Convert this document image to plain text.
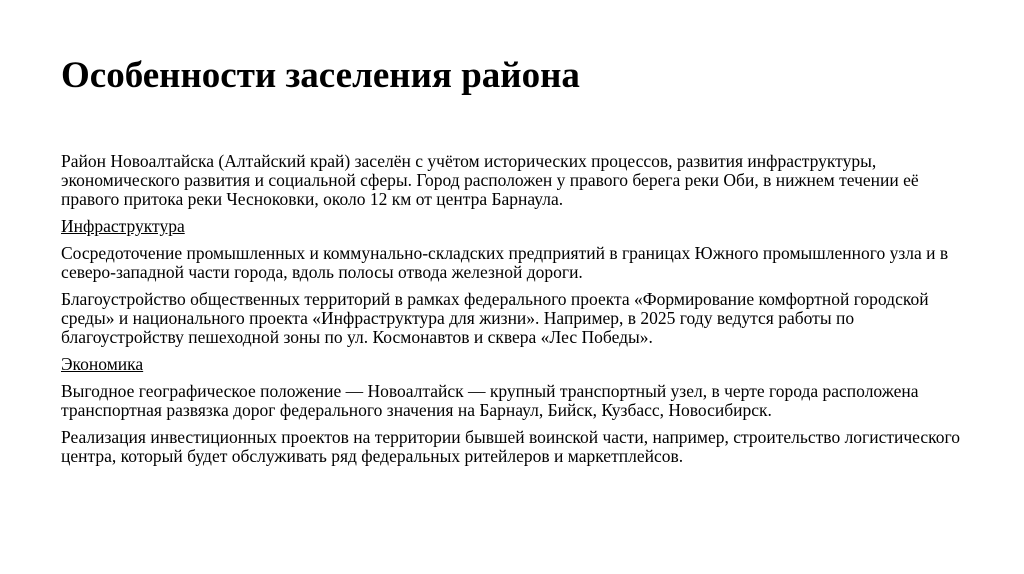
Особенности заселения района

Район Новоалтайска (Алтайский край) заселён с учётом исторических процессов, развития инфраструктуры, экономического развития и социальной сферы. Город расположен у правого берега реки Оби, в нижнем течении её правого притока реки Чесноковки, около 12 км от центра Барнаула.

Инфраструктура

Сосредоточение промышленных и коммунально-складских предприятий в границах Южного промышленного узла и в северо-западной части города, вдоль полосы отвода железной дороги.

Благоустройство общественных территорий в рамках федерального проекта «Формирование комфортной городской среды» и национального проекта «Инфраструктура для жизни». Например, в 2025 году ведутся работы по благоустройству пешеходной зоны по ул. Космонавтов и сквера «Лес Победы».

Экономика

Выгодное географическое положение — Новоалтайск — крупный транспортный узел, в черте города расположена транспортная развязка дорог федерального значения на Барнаул, Бийск, Кузбасс, Новосибирск.

Реализация инвестиционных проектов на территории бывшей воинской части, например, строительство логистического центра, который будет обслуживать ряд федеральных ритейлеров и маркетплейсов.
